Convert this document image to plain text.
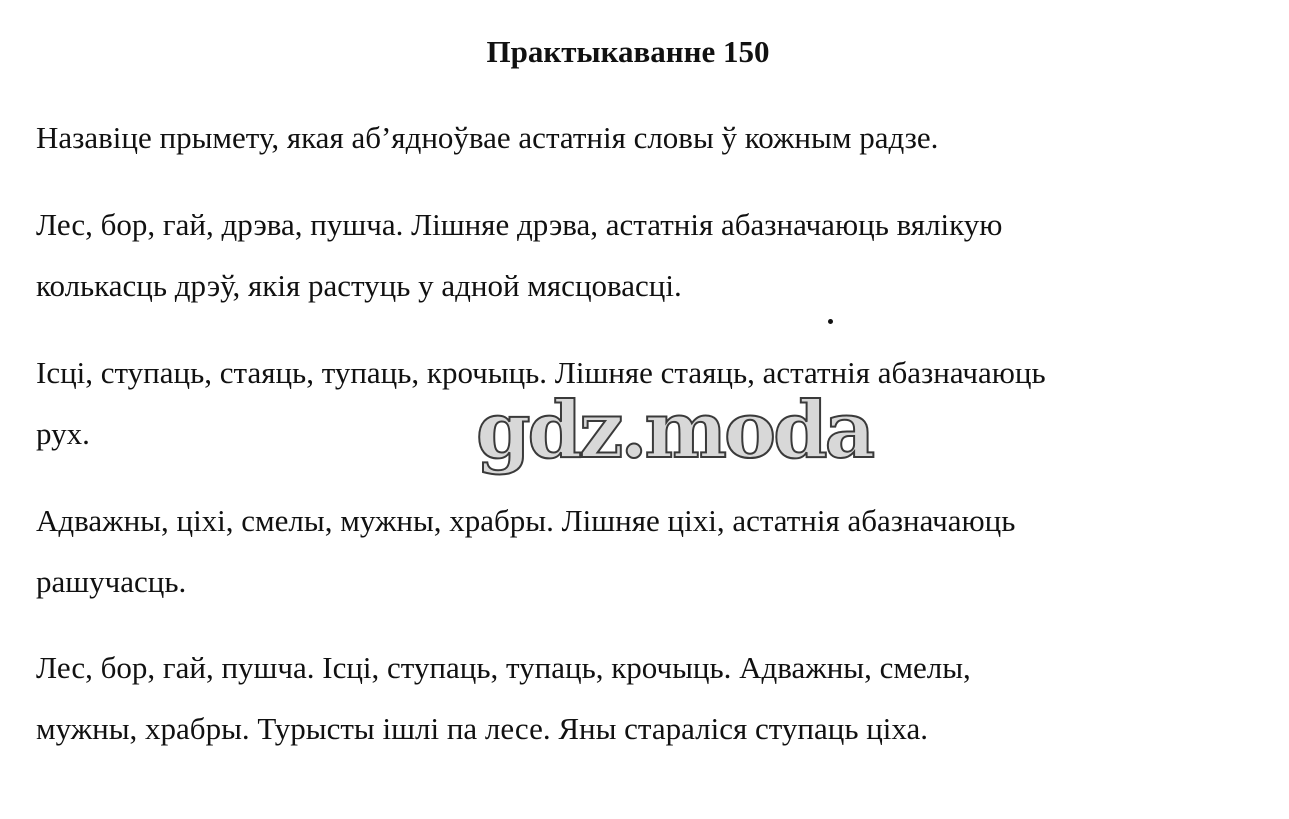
Практыкаванне 150
Назавіце прымету, якая аб’ядноўвае астатнія словы ў кожным радзе.
Лес, бор, гай, дрэва, пушча. Лішняе дрэва, астатнія абазначаюць вялікую
колькасць дрэў, якія растуць у адной мясцовасці.
Ісці, ступаць, стаяць, тупаць, крочыць. Лішняе стаяць, астатнія абазначаюць
рух.
Адважны, ціхі, смелы, мужны, храбры. Лішняе ціхі, астатнія абазначаюць
рашучасць.
Лес, бор, гай, пушча. Ісці, ступаць, тупаць, крочыць. Адважны, смелы,
мужны, храбры. Турысты ішлі па лесе. Яны стараліся ступаць ціха.
gdz.moda
